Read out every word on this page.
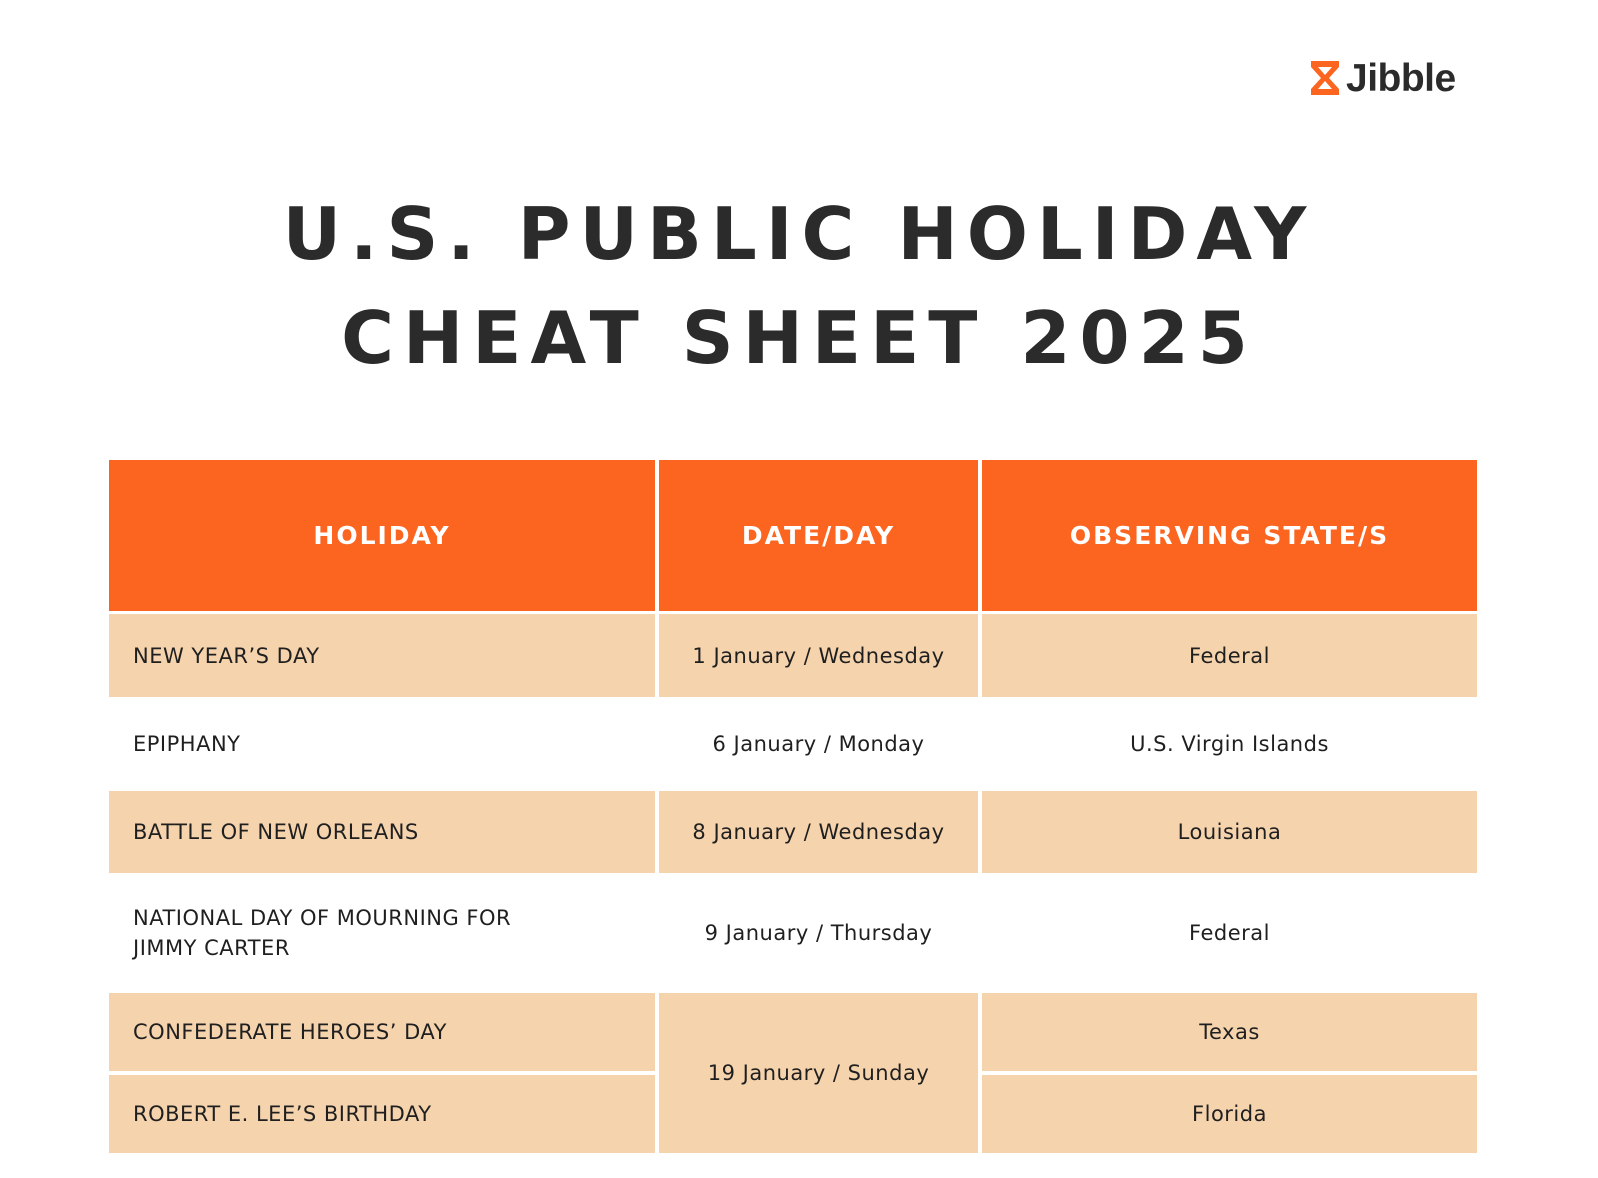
Jibble
U.S. PUBLIC HOLIDAY
CHEAT SHEET 2025
HOLIDAY	DATE/DAY	OBSERVING STATE/S
NEW YEAR’S DAY	1 January / Wednesday	Federal
EPIPHANY	6 January / Monday	U.S. Virgin Islands
BATTLE OF NEW ORLEANS	8 January / Wednesday	Louisiana

NATIONAL DAY OF MOURNING FOR JIMMY CARTER	9 January / Thursday	Federal
CONFEDERATE HEROES’ DAY	19 January / Sunday	Texas
ROBERT E. LEE’S BIRTHDAY		Florida
